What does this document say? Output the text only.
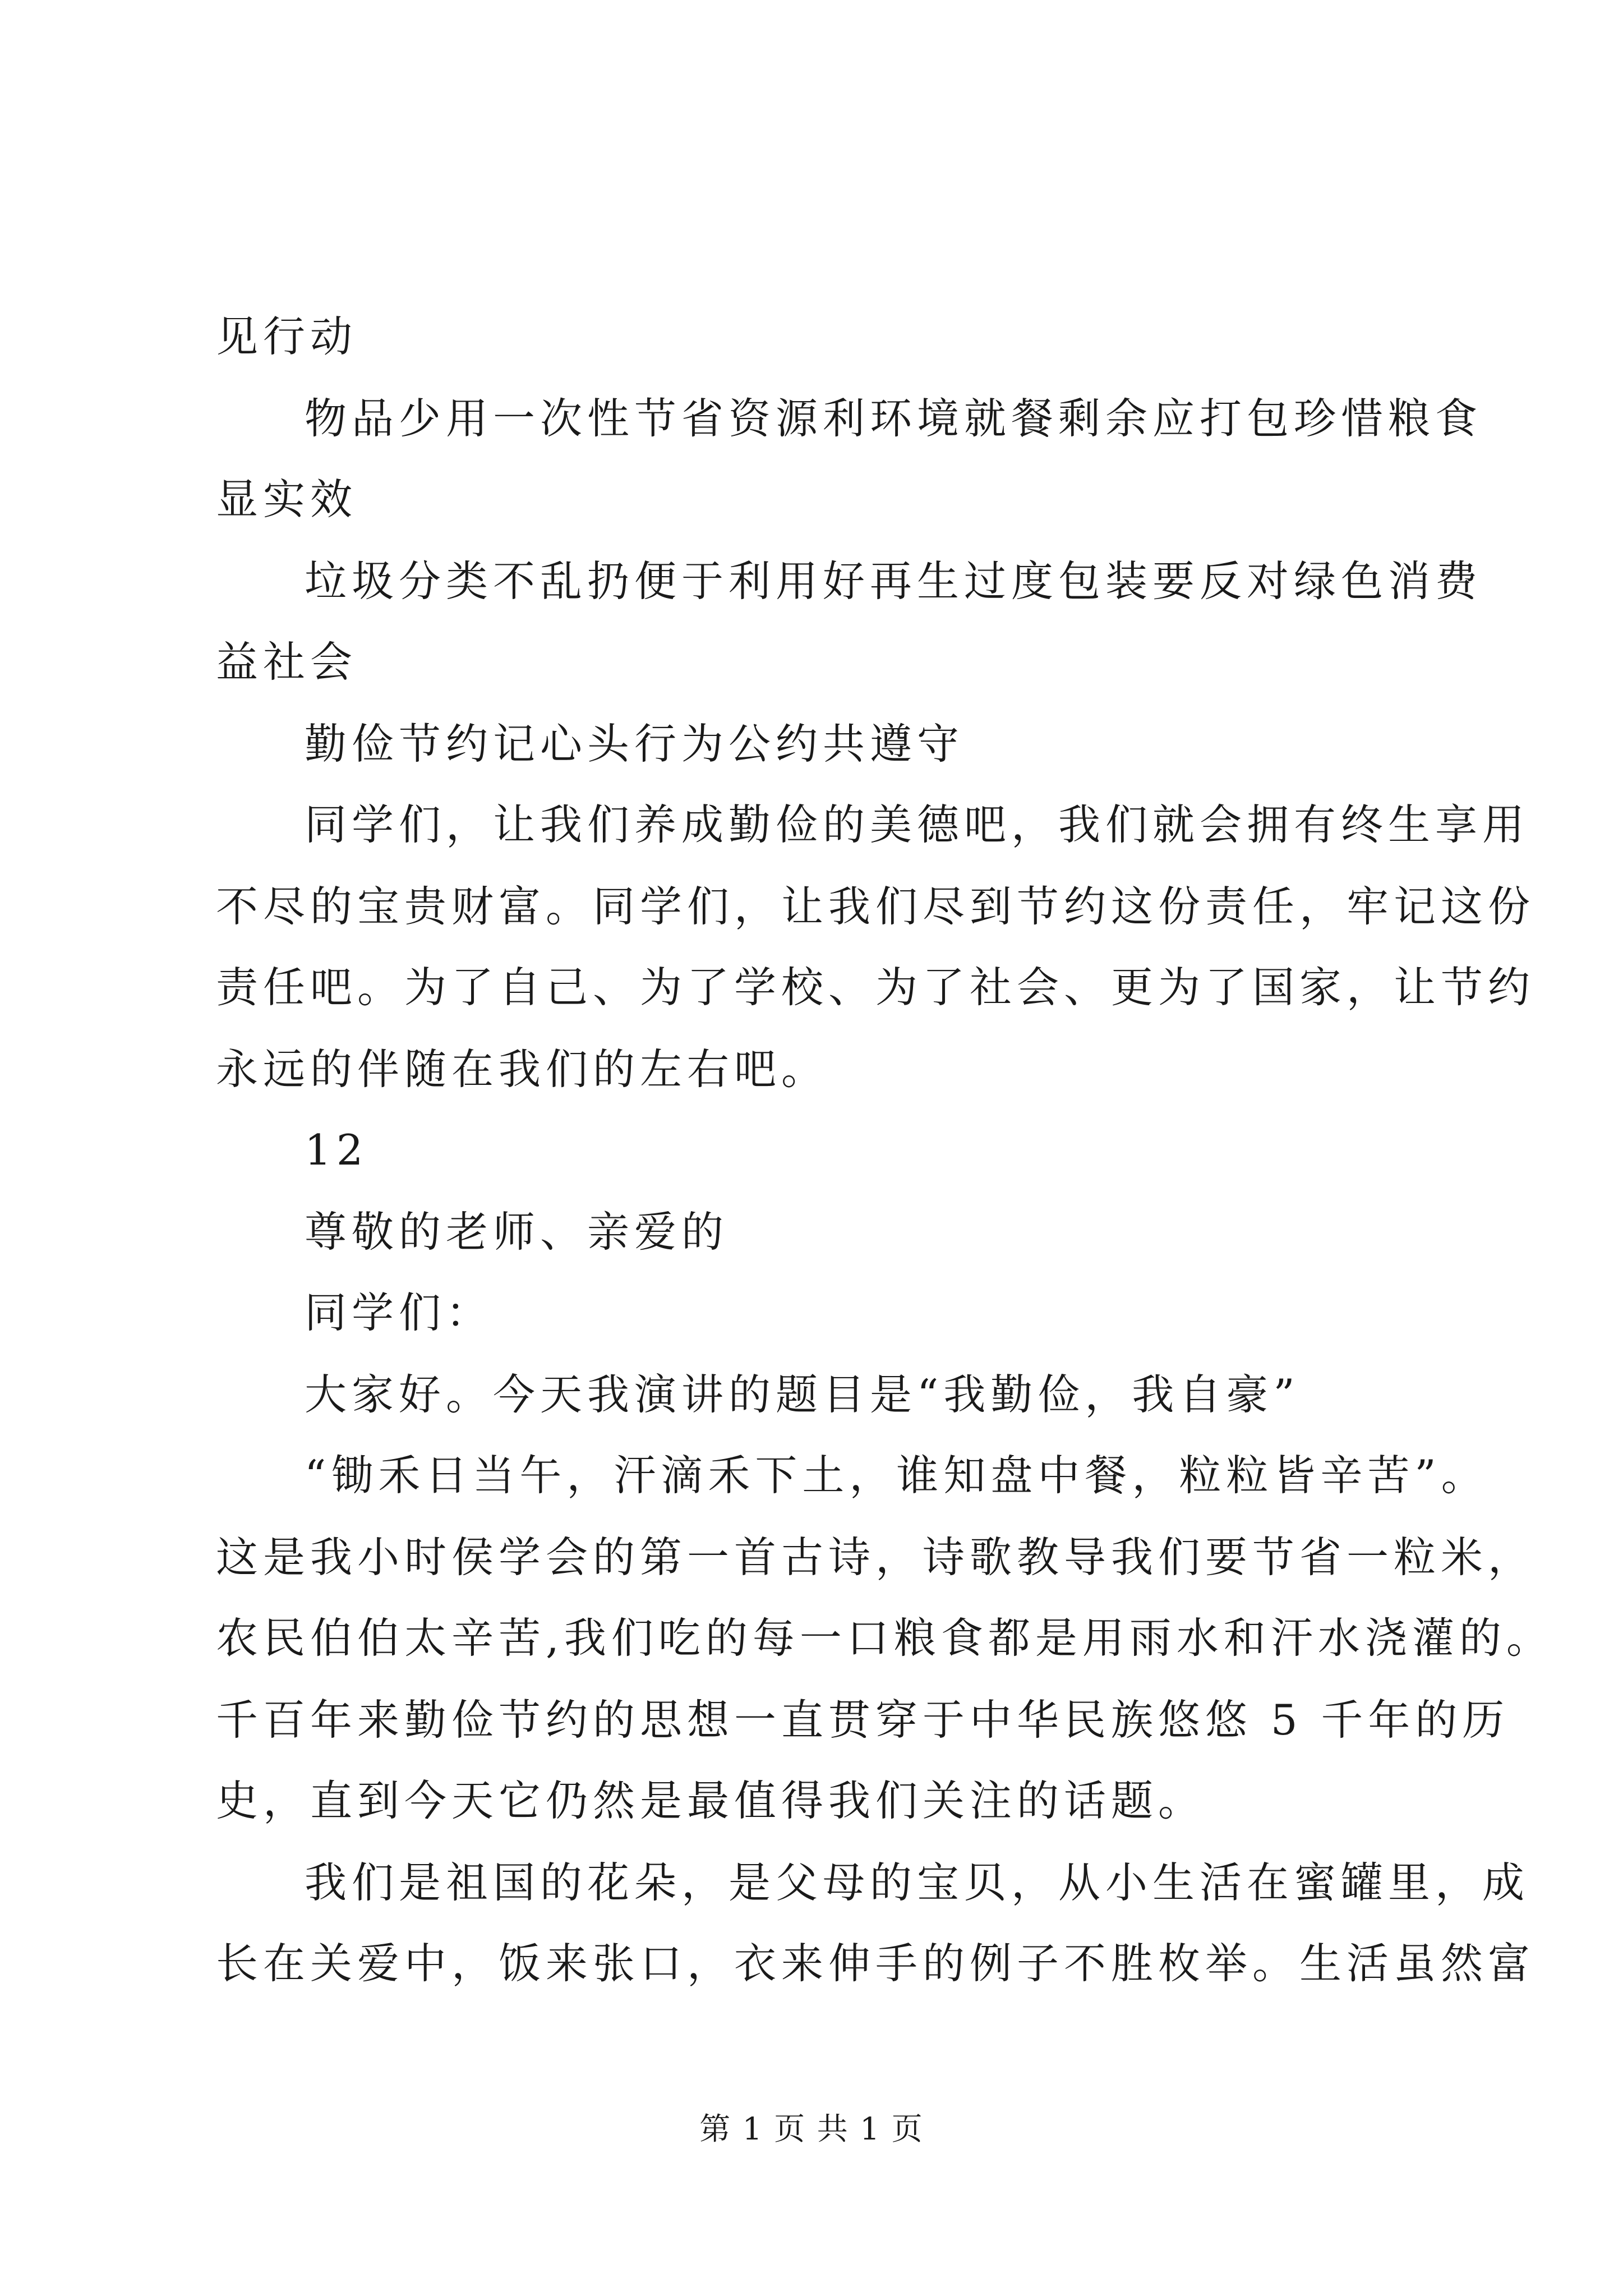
见行动
物品少用一次性节省资源利环境就餐剩余应打包珍惜粮食
显实效
垃圾分类不乱扔便于利用好再生过度包装要反对绿色消费
益社会
勤俭节约记心头行为公约共遵守
同学们，让我们养成勤俭的美德吧，我们就会拥有终生享用
不尽的宝贵财富。同学们，让我们尽到节约这份责任，牢记这份
责任吧。为了自己、为了学校、为了社会、更为了国家，让节约
永远的伴随在我们的左右吧。
12
尊敬的老师、亲爱的
同学们：
大家好。今天我演讲的题目是“我勤俭，我自豪”
“锄禾日当午，汗滴禾下土，谁知盘中餐，粒粒皆辛苦”。
这是我小时侯学会的第一首古诗，诗歌教导我们要节省一粒米，
农民伯伯太辛苦,我们吃的每一口粮食都是用雨水和汗水浇灌的。
千百年来勤俭节约的思想一直贯穿于中华民族悠悠 5 千年的历
史，直到今天它仍然是最值得我们关注的话题。
我们是祖国的花朵，是父母的宝贝，从小生活在蜜罐里，成
长在关爱中，饭来张口，衣来伸手的例子不胜枚举。生活虽然富
第 1 页 共 1 页
